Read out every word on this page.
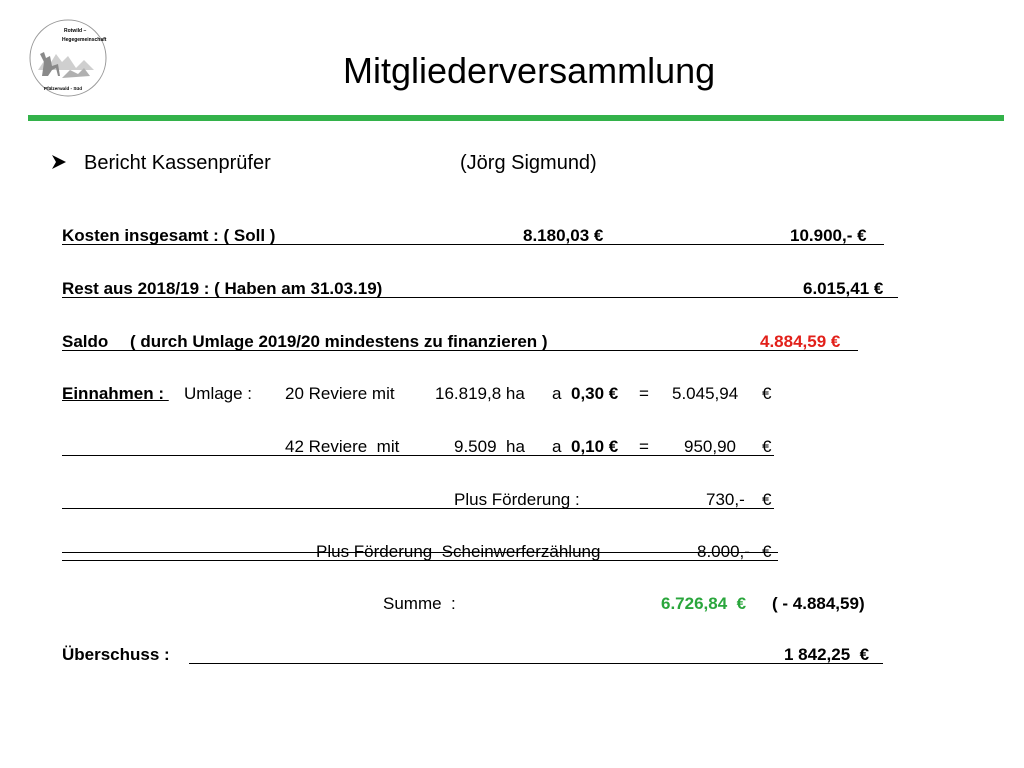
Rotwild –
Hegegemeinschaft
Pfälzerwald - Süd	Mitgliederversammlung
Bericht Kassenprüfer	(Jörg Sigmund)
Kosten insgesamt : ( Soll )	8.180,03 €	10.900,- €
Rest aus 2018/19 : ( Haben am 31.03.19)	6.015,41 €
Saldo ( durch Umlage 2019/20 mindestens zu finanzieren )	4.884,59 €
Einnahmen : Umlage : 20 Reviere mit 16.819,8 ha a 0,30 € = 5.045,94 €
42 Reviere  mit	9.509  ha a 0,10 € = 950,90 €
Plus Förderung :	730,- €
Plus Förderung  Scheinwerferzählung	8.000,- €
Summe  :	6.726,84  € ( - 4.884,59)
Überschuss :	1 842,25  €
